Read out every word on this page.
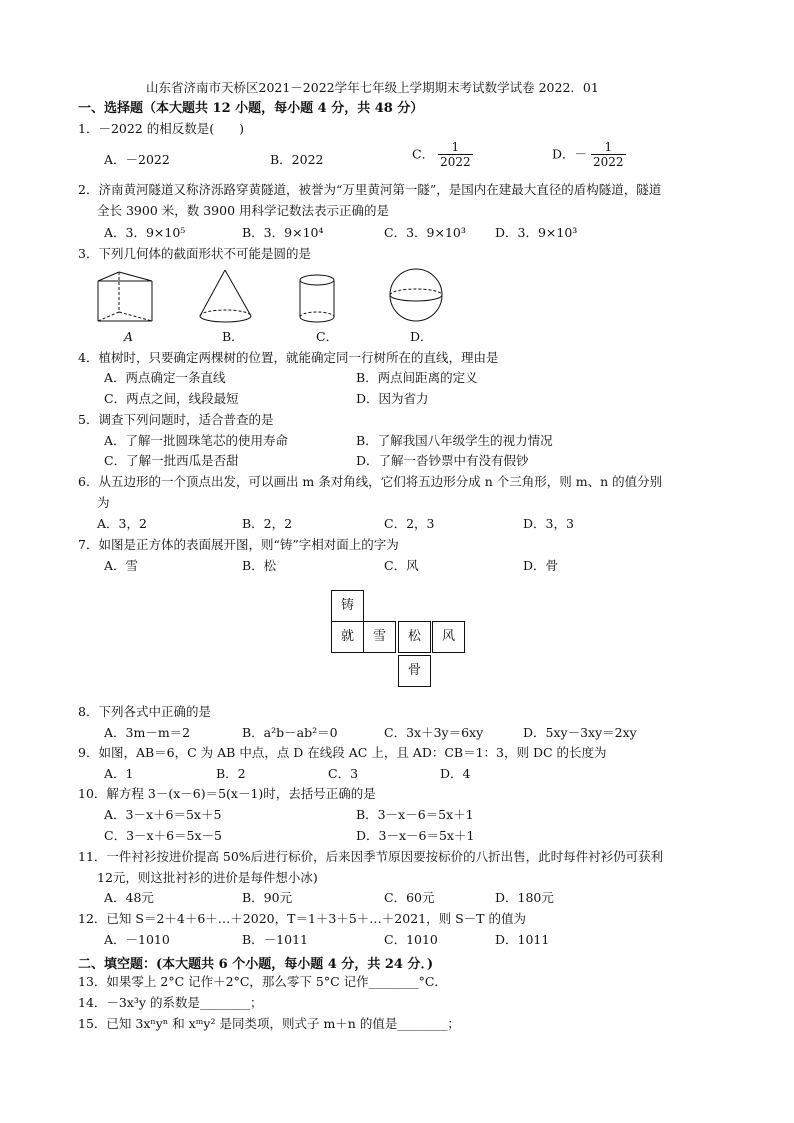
山东省济南市天桥区2021－2022学年七年级上学期期末考试数学试卷 2022．01
一、选择题（本大题共 12 小题，每小题 4 分，共 48 分）
1．－2022 的相反数是(　　)
A．－2022	B．2022	C． $\frac{1}{2022}$	D．－ $\frac{1}{2022}$
2．济南黄河隧道又称济泺路穿黄隧道，被誉为“万里黄河第一隧”，是国内在建最大直径的盾构隧道，隧道
全长 3900 米，数 3900 用科学记数法表示正确的是
A．3．9×10⁵	B．3．9×10⁴	C．3．9×10³ D．3．9×10³
3．下列几何体的截面形状不可能是圆的是
A	B．	C．	D．
4．植树时，只要确定两棵树的位置，就能确定同一行树所在的直线，理由是
A．两点确定一条直线	B．两点间距离的定义
C．两点之间，线段最短	D．因为省力
5．调查下列问题时，适合普查的是
A．了解一批圆珠笔芯的使用寿命	B．了解我国八年级学生的视力情况
C．了解一批西瓜是否甜	D．了解一沓钞票中有没有假钞
6．从五边形的一个顶点出发，可以画出 m 条对角线，它们将五边形分成 n 个三角形，则 m、n 的值分别
为
A．3，2	B．2，2	C．2，3	D．3，3
7．如图是正方体的表面展开图，则“铸”字相对面上的字为
A．雪	B．松	C．风	D．骨
铸
就	雪	松	风
骨
8．下列各式中正确的是
A．3m－m＝2	B．a²b－ab²＝0	C．3x＋3y＝6xy	D．5xy－3xy＝2xy
9．如图，AB＝6，C 为 AB 中点，点 D 在线段 AC 上，且 AD：CB＝1：3，则 DC 的长度为
A．1	B．2	C．3	D．4
10．解方程 3－(x－6)＝5(x－1)时，去括号正确的是
A．3－x＋6＝5x＋5	B．3－x－6＝5x＋1
C．3－x＋6＝5x－5	D．3－x－6＝5x＋1
11．一件衬衫按进价提高 50%后进行标价，后来因季节原因要按标价的八折出售，此时每件衬衫仍可获利
12元，则这批衬衫的进价是每件想小冰)
A．48元	B．90元	C．60元	D．180元
12．已知 S＝2＋4＋6＋…＋2020，T＝1＋3＋5＋…＋2021，则 S－T 的值为
A．－1010	B．－1011	C．1010	D．1011
二、填空题：(本大题共 6 个小题，每小题 4 分，共 24 分．)
13．如果零上 2°C 记作＋2°C，那么零下 5°C 记作________°C．
14．－3x³y 的系数是________；
15．已知 3xⁿyⁿ 和 xᵐy² 是同类项，则式子 m＋n 的值是________；
